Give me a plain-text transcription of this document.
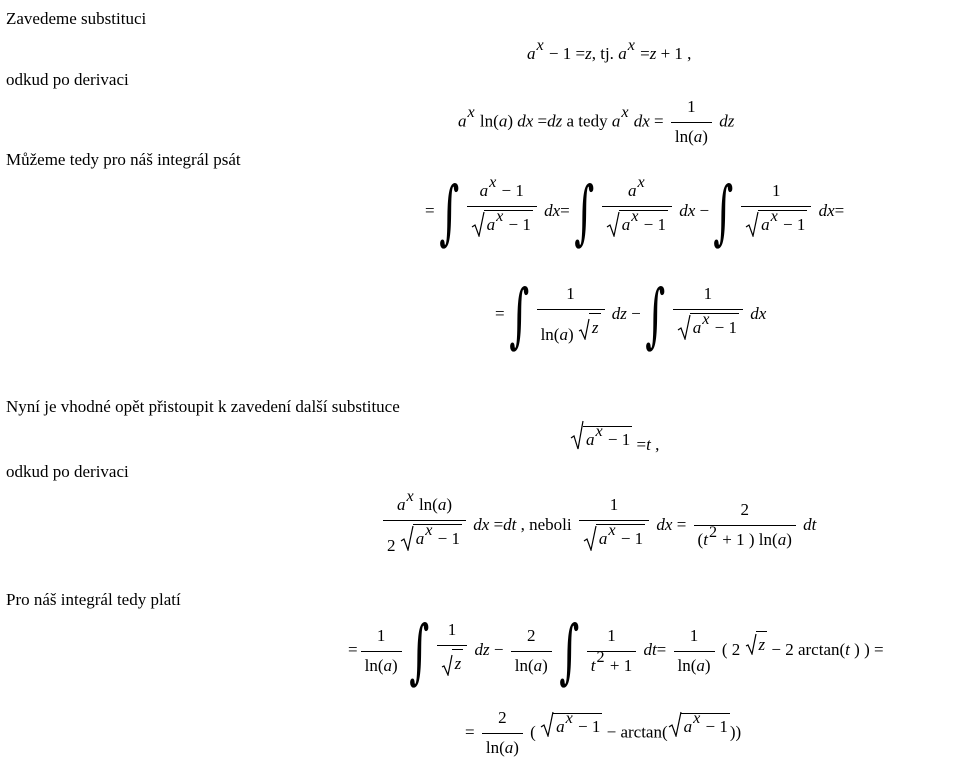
Zavedeme substituci
ax − 1 =z, tj. ax =z + 1 ,
odkud po derivaci
ax ln(a) dx =dz a tedy ax dx = $\frac{1}{\ln(a)}$ dz
Můžeme tedy pro náš integrál psát
= ∫ $\frac{ax - 1}{ax - 1} dx=$ ∫ $\frac{ax}{ax - 1}$ dx − ∫ $\frac{1}{ax - 1} dx=$
= ∫ $\frac{1}{\ln(a) z}$ dz − ∫ $\frac{1}{ax - 1}$ dx
Nyní je vhodné opět přistoupit k zavedení další substituce
ax − 1 =t ,
odkud po derivaci
$\frac{\text{ax ln(a)}}{2 ax - 1}$ dx =dt , neboli $\frac{1}{ax - 1}$ dx = $\frac{2}{(t2 + 1 ) \ln(a)}$ dt
Pro náš integrál tedy platí
= $\frac{1}{\ln(a)}$ ∫ $\frac{1}{z}$ dz − $\frac{2}{\ln(a)}$ ∫ $\frac{1}{t2 + 1} dt= \frac{1}{\ln(a)}$ ( 2 z − 2 arctan(t ) ) =
= $\frac{2}{\ln(a)}$ ( ax − 1 − arctan( ax − 1 ))
